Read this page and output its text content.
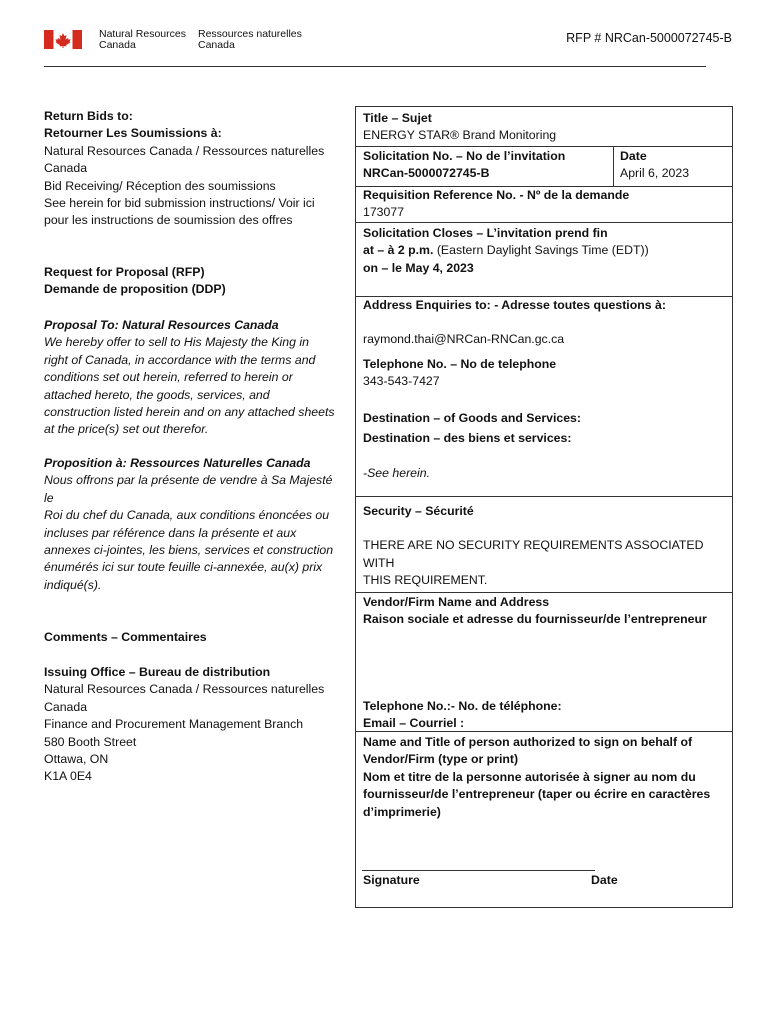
Natural Resources
Canada
Ressources naturelles
Canada	RFP # NRCan-5000072745-B

Return Bids to:

Retourner Les Soumissions à:

Natural Resources Canada / Ressources naturelles

Canada

Bid Receiving/ Réception des soumissions

See herein for bid submission instructions/ Voir ici

pour les instructions de soumission des offres

Request for Proposal (RFP)

Demande de proposition (DDP)

Proposal To: Natural Resources Canada

We hereby offer to sell to His Majesty the King in

right of Canada, in accordance with the terms and

conditions set out herein, referred to herein or

attached hereto, the goods, services, and

construction listed herein and on any attached sheets

at the price(s) set out therefor.

Proposition à: Ressources Naturelles Canada

Nous offrons par la présente de vendre à Sa Majesté

le

Roi du chef du Canada, aux conditions énoncées ou

incluses par référence dans la présente et aux

annexes ci-jointes, les biens, services et construction

énumérés ici sur toute feuille ci-annexée, au(x) prix

indiqué(s).

Comments – Commentaires

Issuing Office – Bureau de distribution

Natural Resources Canada / Ressources naturelles

Canada

Finance and Procurement Management Branch

580 Booth Street

Ottawa, ON

K1A 0E4

Title – Sujet

ENERGY STAR® Brand Monitoring

Solicitation No. – No de l’invitation

NRCan-5000072745-B

Date

April 6, 2023

Requisition Reference No. - Nº de la demande

173077

Solicitation Closes – L’invitation prend fin

at – à 2 p.m. (Eastern Daylight Savings Time (EDT))

on – le May 4, 2023

Address Enquiries to: - Adresse toutes questions à:

raymond.thai@NRCan-RNCan.gc.ca

Telephone No. – No de telephone

343-543-7427

Destination – of Goods and Services:

Destination – des biens et services:

-See herein.

Security – Sécurité

THERE ARE NO SECURITY REQUIREMENTS ASSOCIATED WITH

THIS REQUIREMENT.

Vendor/Firm Name and Address

Raison sociale et adresse du fournisseur/de l’entrepreneur

Telephone No.:- No. de téléphone:

Email – Courriel :

Name and Title of person authorized to sign on behalf of

Vendor/Firm (type or print)

Nom et titre de la personne autorisée à signer au nom du

fournisseur/de l’entrepreneur (taper ou écrire en caractères

d’imprimerie)

Signature	Date
